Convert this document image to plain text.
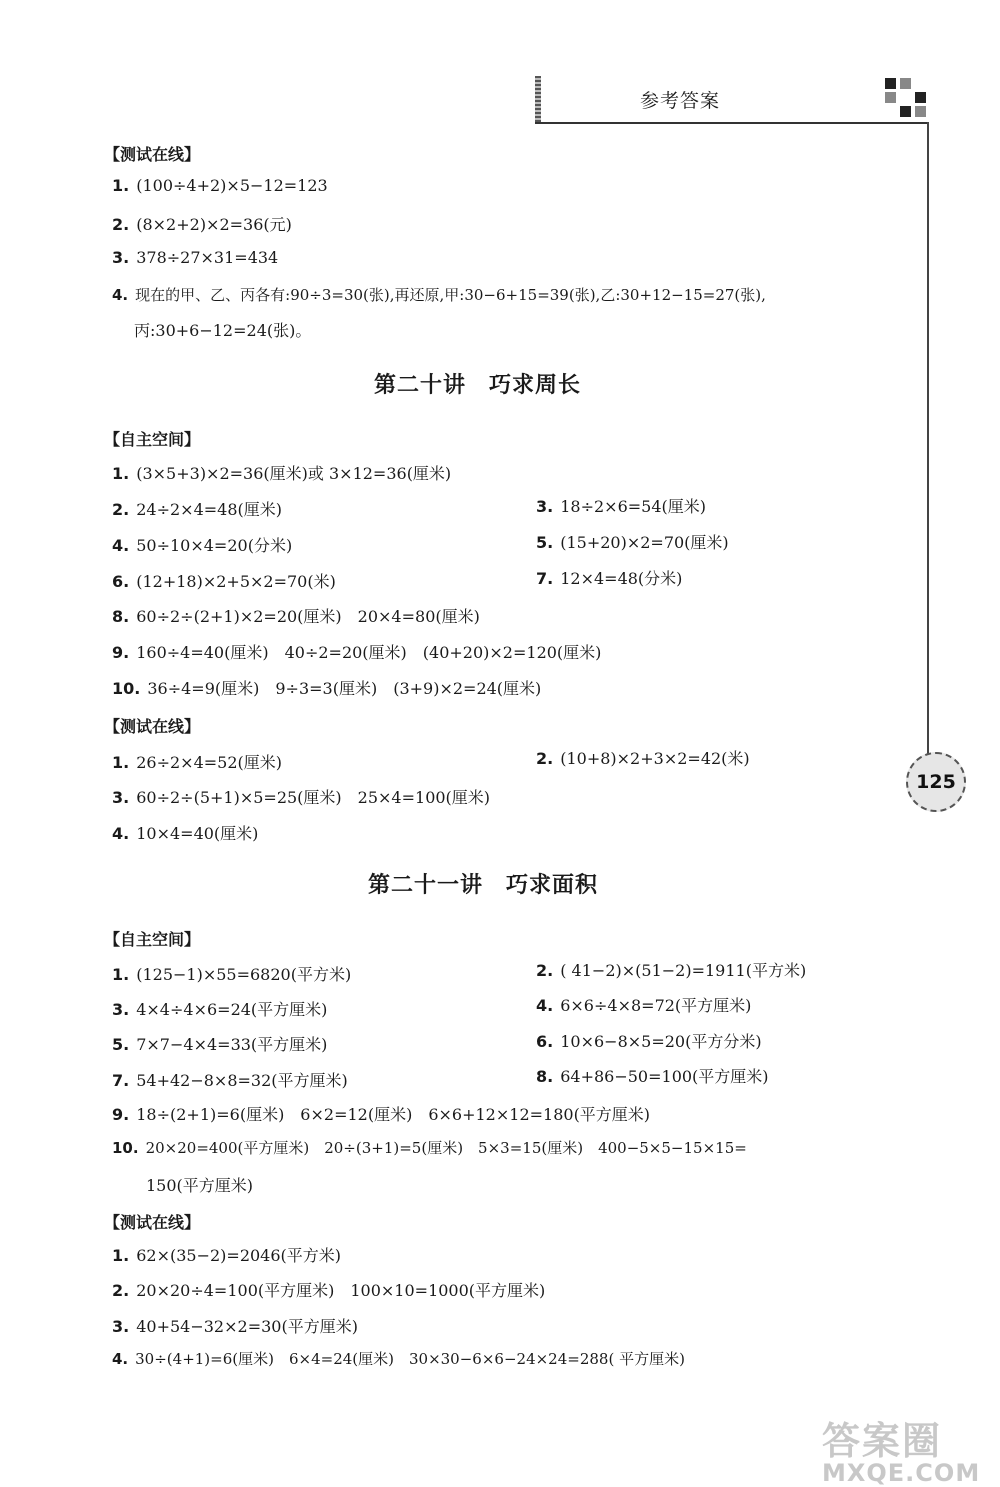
参考答案
125
【测试在线】
1. (100÷4+2)×5−12=123
2. (8×2+2)×2=36(元)
3. 378÷27×31=434
4. 现在的甲、乙、丙各有:90÷3=30(张),再还原,甲:30−6+15=39(张),乙:30+12−15=27(张),
丙:30+6−12=24(张)。
第二十讲　巧求周长
【自主空间】
1. (3×5+3)×2=36(厘米)或 3×12=36(厘米)
2. 24÷2×4=48(厘米)	3. 18÷2×6=54(厘米)
4. 50÷10×4=20(分米)	5. (15+20)×2=70(厘米)
6. (12+18)×2+5×2=70(米)	7. 12×4=48(分米)
8. 60÷2÷(2+1)×2=20(厘米)　20×4=80(厘米)
9. 160÷4=40(厘米)　40÷2=20(厘米)　(40+20)×2=120(厘米)
10. 36÷4=9(厘米)　9÷3=3(厘米)　(3+9)×2=24(厘米)
【测试在线】
1. 26÷2×4=52(厘米)	2. (10+8)×2+3×2=42(米)
3. 60÷2÷(5+1)×5=25(厘米)　25×4=100(厘米)
4. 10×4=40(厘米)
第二十一讲　巧求面积
【自主空间】
1. (125−1)×55=6820(平方米)	2. ( 41−2)×(51−2)=1911(平方米)
3. 4×4÷4×6=24(平方厘米)	4. 6×6÷4×8=72(平方厘米)
5. 7×7−4×4=33(平方厘米)	6. 10×6−8×5=20(平方分米)
7. 54+42−8×8=32(平方厘米)	8. 64+86−50=100(平方厘米)
9. 18÷(2+1)=6(厘米)　6×2=12(厘米)　6×6+12×12=180(平方厘米)
10. 20×20=400(平方厘米)　20÷(3+1)=5(厘米)　5×3=15(厘米)　400−5×5−15×15=
150(平方厘米)
【测试在线】
1. 62×(35−2)=2046(平方米)
2. 20×20÷4=100(平方厘米)　100×10=1000(平方厘米)
3. 40+54−32×2=30(平方厘米)
4. 30÷(4+1)=6(厘米)　6×4=24(厘米)　30×30−6×6−24×24=288( 平方厘米)
答案圈
MXQE.COM
